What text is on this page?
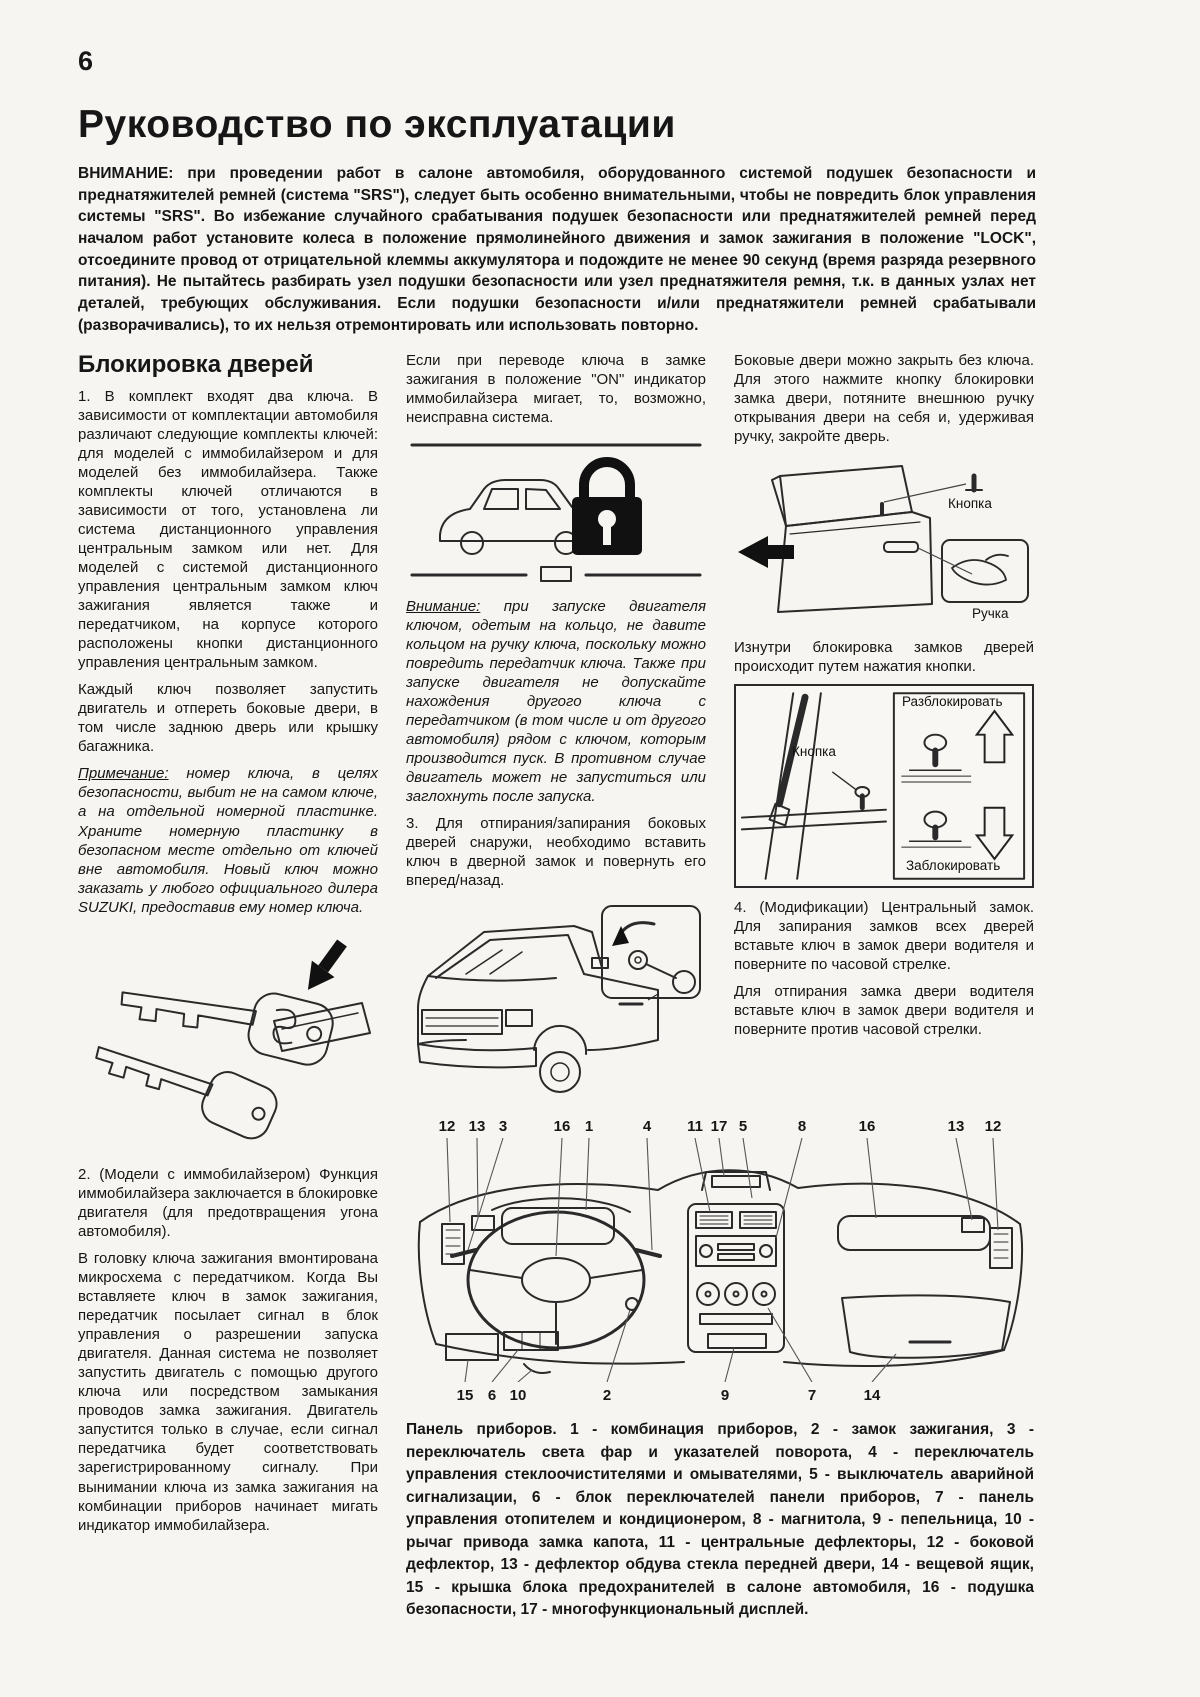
6
Руководство по эксплуатации

ВНИМАНИЕ: при проведении работ в салоне автомобиля, оборудованного системой подушек безопасности и преднатяжителей ремней (система "SRS"), следует быть особенно внимательными, чтобы не повредить блок управления системы "SRS". Во избежание случайного срабатывания подушек безопасности или преднатяжителей ремней перед началом работ установите колеса в положение прямолинейного движения и замок зажигания в положение "LOCK", отсоедините провод от отрицательной клеммы аккумулятора и подождите не менее 90 секунд (время разряда резервного питания). Не пытайтесь разбирать узел подушки безопасности или узел преднатяжителя ремня, т.к. в данных узлах нет деталей, требующих обслуживания. Если подушки безопасности и/или преднатяжители ремней срабатывали (разворачивались), то их нельзя отремонтировать или использовать повторно.

Блокировка дверей

1. В комплект входят два ключа. В зависимости от комплектации автомобиля различают следующие комплекты ключей: для моделей с иммобилайзером и для моделей без иммобилайзера. Также комплекты ключей отличаются в зависимости от того, установлена ли система дистанционного управления центральным замком или нет. Для моделей с системой дистанционного управления центральным замком ключ зажигания является также и передатчиком, на корпусе которого расположены кнопки дистанционного управления центральным замком.

Каждый ключ позволяет запустить двигатель и отпереть боковые двери, в том числе заднюю дверь или крышку багажника.

Примечание: номер ключа, в целях безопасности, выбит не на самом ключе, а на отдельной номерной пластинке. Храните номерную пластинку в безопасном месте отдельно от ключей вне автомобиля. Новый ключ можно заказать у любого официального дилера SUZUKI, предоставив ему номер ключа.

2. (Модели с иммобилайзером) Функция иммобилайзера заключается в блокировке двигателя (для предотвращения угона автомобиля).

В головку ключа зажигания вмонтирована микросхема с передатчиком. Когда Вы вставляете ключ в замок зажигания, передатчик посылает сигнал в блок управления о разрешении запуска двигателя. Данная система не позволяет запустить двигатель с помощью другого ключа или посредством замыкания проводов замка зажигания. Двигатель запустится только в случае, если сигнал передатчика будет соответствовать зарегистрированному сигналу. При вынимании ключа из замка зажигания на комбинации приборов начинает мигать индикатор иммобилайзера.

Если при переводе ключа в замке зажигания в положение "ON" индикатор иммобилайзера мигает, то, возможно, неисправна система.

Внимание: при запуске двигателя ключом, одетым на кольцо, не давите кольцом на ручку ключа, поскольку можно повредить передатчик ключа. Также при запуске двигателя не допускайте нахождения другого ключа с передатчиком (в том числе и от другого автомобиля) рядом с ключом, которым производится пуск. В противном случае двигатель может не запуститься или заглохнуть после запуска.

3. Для отпирания/запирания боковых дверей снаружи, необходимо вставить ключ в дверной замок и повернуть его вперед/назад.

Боковые двери можно закрыть без ключа. Для этого нажмите кнопку блокировки замка двери, потяните внешнюю ручку открывания двери на себя и, удерживая ручку, закройте дверь.

Кнопка
Ручка

Изнутри блокировка замков дверей происходит путем нажатия кнопки.

Кнопка
Разблокировать
Заблокировать

4. (Модификации) Центральный замок. Для запирания замков всех дверей вставьте ключ в замок двери водителя и поверните по часовой стрелке.

Для отпирания замка двери водителя вставьте ключ в замок двери водителя и поверните против часовой стрелки.

12 13 3	16 1	4 11 17 5	8	16	13 12
15 6 10	2	9	7	14

Панель приборов. 1 - комбинация приборов, 2 - замок зажигания, 3 - переключатель света фар и указателей поворота, 4 - переключатель управления стеклоочистителями и омывателями, 5 - выключатель аварийной сигнализации, 6 - блок переключателей панели приборов, 7 - панель управления отопителем и кондиционером, 8 - магнитола, 9 - пепельница, 10 - рычаг привода замка капота, 11 - центральные дефлекторы, 12 - боковой дефлектор, 13 - дефлектор обдува стекла передней двери, 14 - вещевой ящик, 15 - крышка блока предохранителей в салоне автомобиля, 16 - подушка безопасности, 17 - многофункциональный дисплей.
